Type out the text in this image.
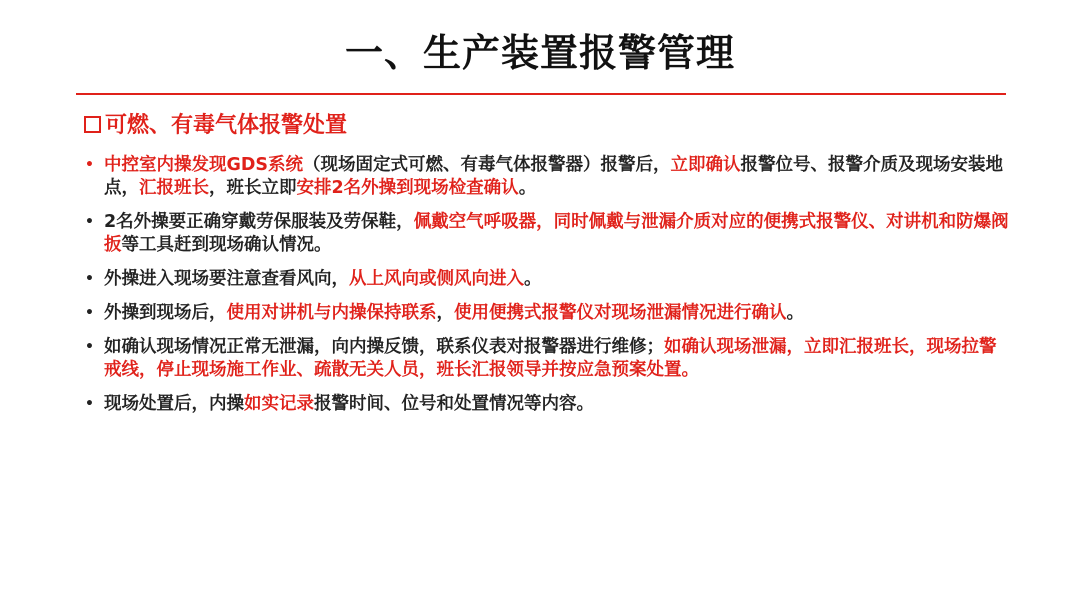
一、生产装置报警管理
可燃、有毒气体报警处置
• 中控室内操发现GDS系统（现场固定式可燃、有毒气体报警器）报警后，立即确认报警位号、报警介质及现场安装地点，汇报班长，班长立即安排2名外操到现场检查确认。
• 2名外操要正确穿戴劳保服装及劳保鞋，佩戴空气呼吸器，同时佩戴与泄漏介质对应的便携式报警仪、对讲机和防爆阀扳等工具赶到现场确认情况。
• 外操进入现场要注意查看风向，从上风向或侧风向进入。
• 外操到现场后，使用对讲机与内操保持联系，使用便携式报警仪对现场泄漏情况进行确认。
• 如确认现场情况正常无泄漏，向内操反馈，联系仪表对报警器进行维修；如确认现场泄漏，立即汇报班长，现场拉警戒线，停止现场施工作业、疏散无关人员，班长汇报领导并按应急预案处置。
• 现场处置后，内操如实记录报警时间、位号和处置情况等内容。
